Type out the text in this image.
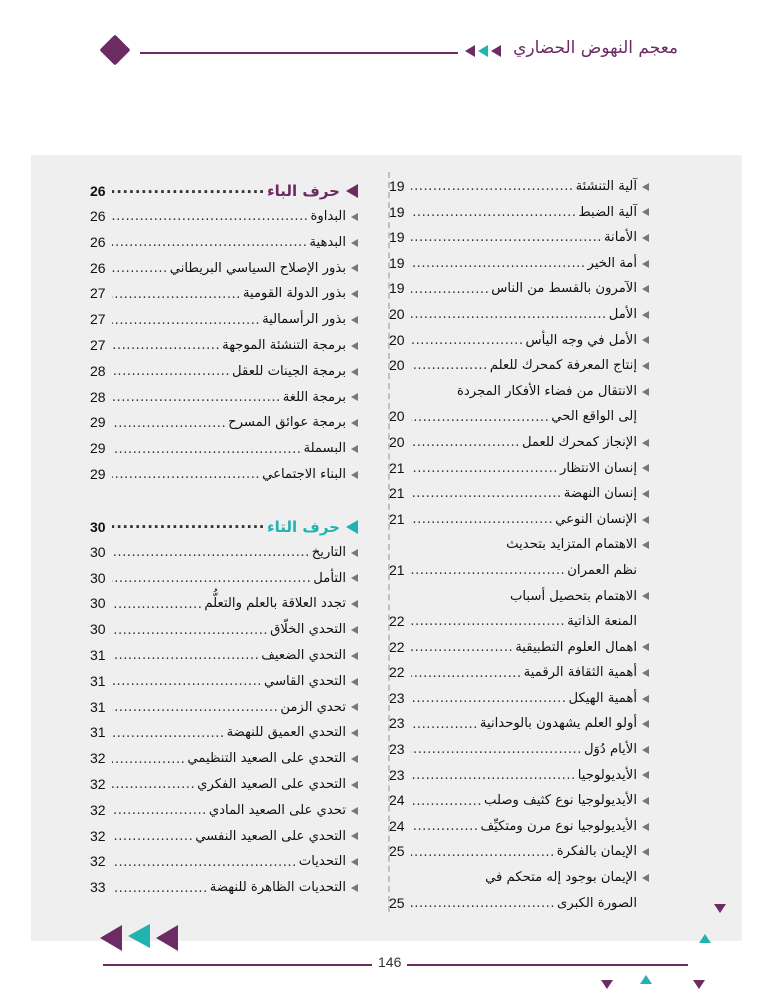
معجم النهوض الحضاري
آلية التنشئة
.....
19
آلية الضبط
.....
19
الأمانة
.....
19
أمة الخير
.....
19
الآمرون بالقسط من الناس
.....
19
الأمل
.....
20
الأمل في وجه اليأس
.....
20
إنتاج المعرفة كمحرك للعلم
.....
20
الانتقال من فضاء الأفكار المجردة
إلى الواقع الحي
.....
20
الإنجاز كمحرك للعمل
.....
20
إنسان الانتظار
.....
21
إنسان النهضة
.....
21
الإنسان النوعي
.....
21
الاهتمام المتزايد بتحديث
نظم العمران
.....
21
الاهتمام بتحصيل أسباب
المنعة الذاتية
.....
22
اهمال العلوم التطبيقية
.....
22
أهمية الثقافة الرقمية
.....
22
أهمية الهيكل
.....
23
أولو العلم يشهدون بالوحدانية
.....
23
الأيام دُوَل
.....
23
الأيديولوجيا
.....
23
الأيديولوجيا نوع كثيف وصلب
.....
24
الأيديولوجيا نوع مرن ومتكيِّف
.....
24
الإيمان بالفكرة
.....
25
الإيمان بوجود إله متحكم في
الصورة الكبرى
.....
25
حرف الباء
.....
26
البداوة
.....
26
البدهية
.....
26
بذور الإصلاح السياسي البريطاني
.....
26
بذور الدولة القومية
.....
27
بذور الرأسمالية
.....
27
برمجة التنشئة الموجهة
.....
27
برمجة الجينات للعقل
.....
28
برمجة اللغة
.....
28
برمجة عوائق المسرح
.....
29
البسملة
.....
29
البناء الاجتماعي
.....
29
حرف التاء
.....
30
التاريخ
.....
30
التأمل
.....
30
تجدد العلاقة بالعلم والتعلُّم
.....
30
التحدي الخلّاق
.....
30
التحدي الضعيف
.....
31
التحدي القاسي
.....
31
تحدي الزمن
.....
31
التحدي العميق للنهضة
.....
31
التحدي على الصعيد التنظيمي
.....
32
التحدي على الصعيد الفكري
.....
32
تحدي على الصعيد المادي
.....
32
التحدي على الصعيد النفسي
.....
32
التحديات
.....
32
التحديات الظاهرة للنهضة
.....
33
146
